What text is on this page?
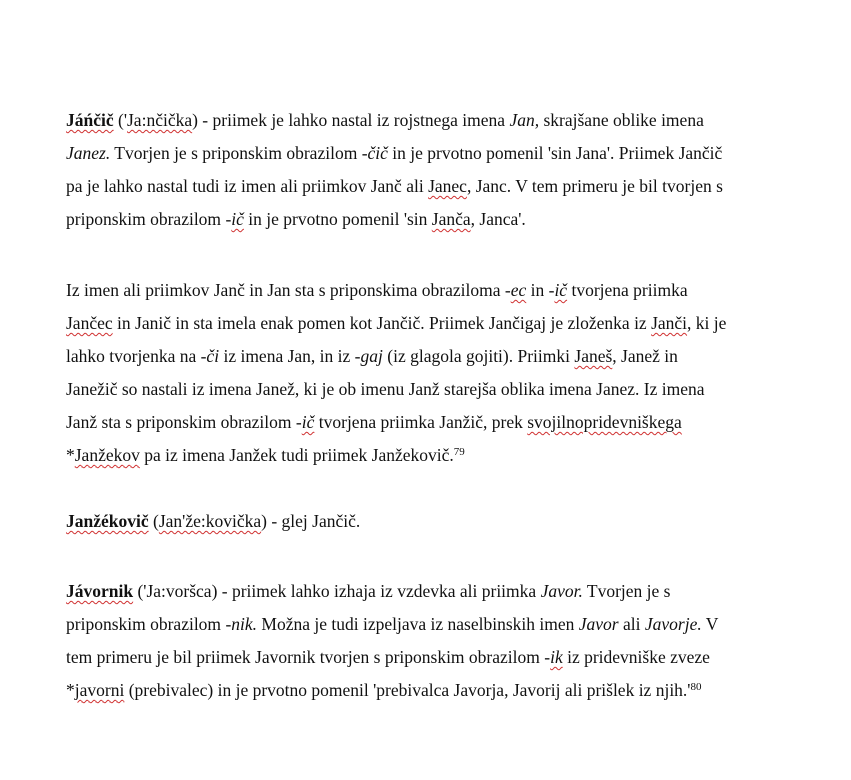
Jáńčič ('Ja:nčička) - priimek je lahko nastal iz rojstnega imena Jan, skrajšane oblike imena
Janez. Tvorjen je s priponskim obrazilom -čič in je prvotno pomenil 'sin Jana'. Priimek Jančič
pa je lahko nastal tudi iz imen ali priimkov Janč ali Janec, Janc. V tem primeru je bil tvorjen s
priponskim obrazilom -ič in je prvotno pomenil 'sin Janča, Janca'.
Iz imen ali priimkov Janč in Jan sta s priponskima obraziloma -ec in -ič tvorjena priimka
Jančec in Janič in sta imela enak pomen kot Jančič. Priimek Jančigaj je zloženka iz Janči, ki je
lahko tvorjenka na -či iz imena Jan, in iz -gaj (iz glagola gojiti). Priimki Janeš, Janež in
Janežič so nastali iz imena Janež, ki je ob imenu Janž starejša oblika imena Janez. Iz imena
Janž sta s priponskim obrazilom -ič tvorjena priimka Janžič, prek svojilnopridevniškega
*Janžekov pa iz imena Janžek tudi priimek Janžekovič.$^{79}$
Janžékovič (Jan'že:kovička) - glej Jančič.
Jávornik ('Ja:voršca) - priimek lahko izhaja iz vzdevka ali priimka Javor. Tvorjen je s
priponskim obrazilom -nik. Možna je tudi izpeljava iz naselbinskih imen Javor ali Javorje. V
tem primeru je bil priimek Javornik tvorjen s priponskim obrazilom -ik iz pridevniške zveze
*javorni (prebivalec) in je prvotno pomenil 'prebivalca Javorja, Javorij ali prišlek iz $njih.'^{80}$
